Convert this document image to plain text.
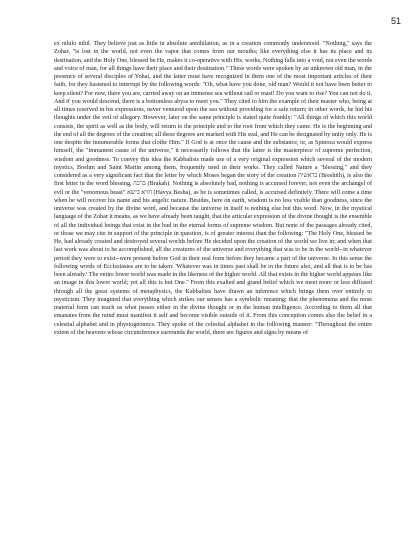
51

ex nihilo nihil. They believe just as little in absolute annihilation, as in a creation commonly understood. "Nothing," says the Zohar, "is lost in the world, not even the vapor that comes from our mouths; like everything else it has its place and its destination, and the Holy One, blessed be He, makes it co-operative with His. works, Nothing falls into a void, not even the words and voice of man, for all things have their place and their destination." These words were spoken by an unknown old man, in the presence of several disciples of Yohai, and the latter must have recognized in them one of the most important articles of their faith, for they hastened to interrupt by the following words: "Oh, what have you done, old man? Would it not have been better to keep silent? For now, there you are, carried away on an immense sea without sail or mast! Do you want to rise? You can not do it. And if you would descend, there is a bottomless abyss to meet you." They cited to him the example of their master who, being at all times reserved in his expressions, never ventured upon the sea without providing for a safe return; in other words, he hid his thoughts under the veil of allegory. However, later on the same principle is stated quite frankly: "All things of which this world consists, the spirit as well as the body, will return to the principle and to the root from which they came. He is the beginning and the end of all the degrees of the creation; all these degrees are marked with His seal, and He can be designated by unity only. He is one despite the innumerable forms that clothe Him." If God is at once the cause and the substance, or, as Spinoza would express himself, the "immanent cause of the universe," it necessarily follows that the latter is the masterpiece of supreme perfection, wisdom and goodness. To convey this idea the Kabbalists made use of a very original expression which several of the modern mystics, Boehm and Saint Martin among them, frequently used in their works. They called Nature a "blessing," and they considered as a very significant fact that the letter by which Moses began the story of the creation בראשית (Breshith), is also the first letter in the word blessing, ברכה (Brakah). Nothing is absolutely bad, nothing is accursed forever, not even the archangel of evil or the "venomous beast" חויא בישא (Havya Besha), as he is sometimes called, is accursed definitely. There will come a time when he will recover his name and his angelic nature. Besides, here on earth, wisdom is no less visible than goodness, since the universe was created by the divine word, and because the universe in itself is nothing else but this word. Now, in the mystical language of the Zohar it means, as we have already been taught, that the articular expression of the divine thought is the ensemble of all the individual beings that exist in the bud in the eternal forms of supreme wisdom. But none of the passages already cited, or those we may cite in support of the principle in question, is of greater interest than the following: "The Holy One, blessed be He, had already created and destroyed several worlds before He decided upon the creation of the world we live in; and when that last work was about to be accomplished, all the creatures of the universe and everything that was to be in the world--in whatever period they were to exist--were present before God in their real form before they became a part of the universe. In this sense the following words of Ecclesiastes are to be taken: 'Whatever was in times past shall be in the future also, and all that is to be has been already.' The entire lower world was made in the likeness of the higher world. All that exists in the higher world appears like an image in this lower world; yet all this is but One." From this exalted and grand belief which we meet more or less diffused through all the great systems of metaphysics, the Kabbalists have drawn an inference which brings them over entirely to mysticism. They imagined that everything which strikes our senses has a symbolic meaning; that the phenomena and the most material form can teach us what passes either in the divine thought or in the human intelligence. According to them all that emanates from the mind must manifest it self and become visible outside of it. From this conception comes also the belief in a celestial alphabet and in physiognomics. They spoke of the celestial alphabet in the following manner: "Throughout the entire extent of the heavens whose circumference surrounds the world, there are figures and signs by means of
